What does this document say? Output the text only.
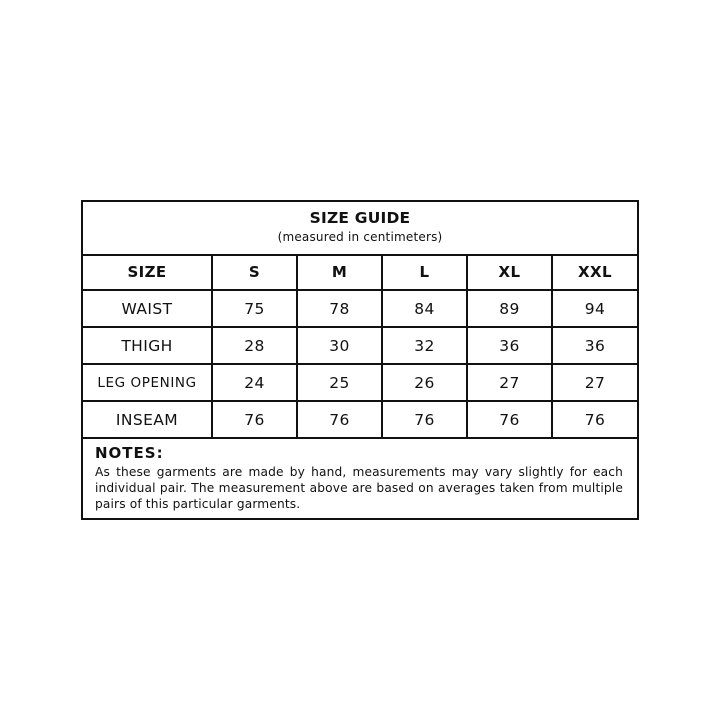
SIZE GUIDE
(measured in centimeters)
SIZE	S	M	L	XL	XXL
WAIST	75	78	84	89	94
THIGH	28	30	32	36	36
LEG OPENING	24	25	26	27	27
INSEAM	76	76	76	76	76
NOTES:
As these garments are made by hand, measurements may vary slightly for each individual pair. The measurement above are based on averages taken from multiple pairs of this particular garments.
